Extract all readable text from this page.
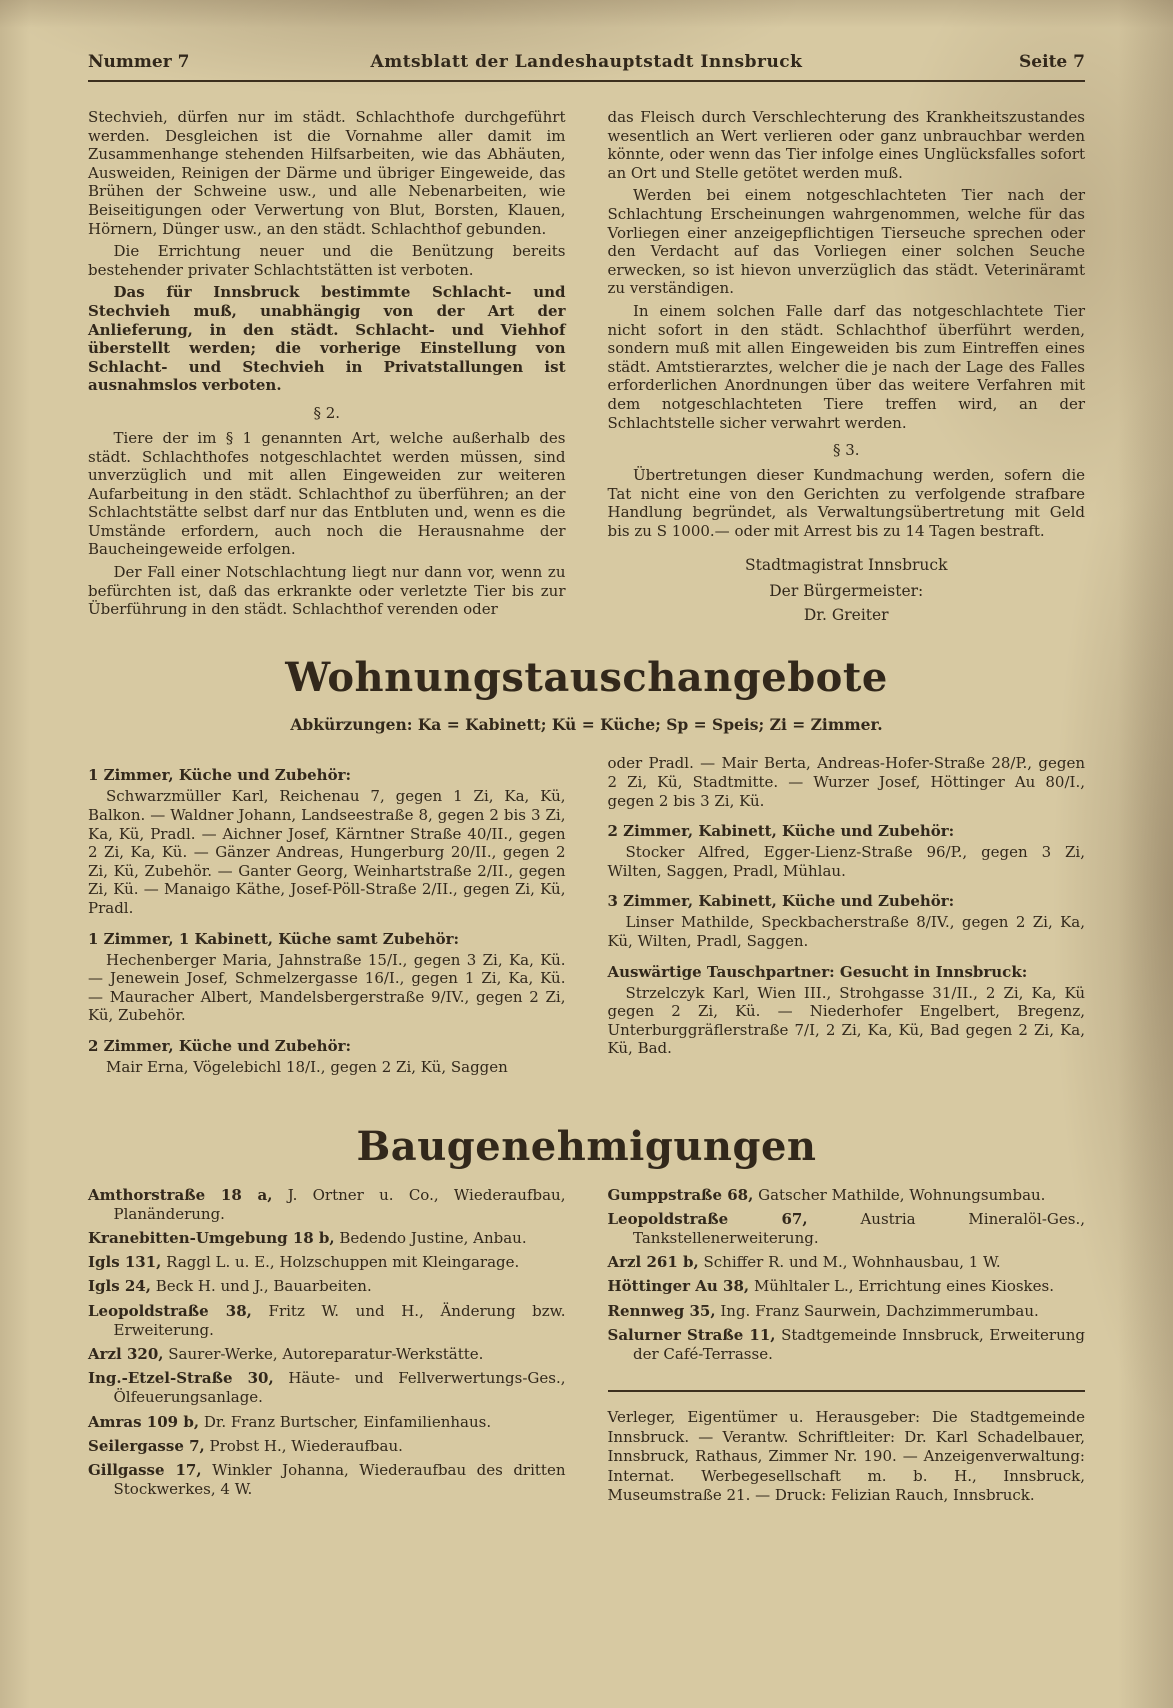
Nummer 7	Amtsblatt der Landeshauptstadt Innsbruck	Seite 7

Stechvieh, dürfen nur im städt. Schlachthofe durchgeführt werden. Desgleichen ist die Vornahme aller damit im Zusammenhange stehenden Hilfsarbeiten, wie das Abhäuten, Ausweiden, Reinigen der Därme und übriger Eingeweide, das Brühen der Schweine usw., und alle Nebenarbeiten, wie Beiseitigungen oder Verwertung von Blut, Borsten, Klauen, Hörnern, Dünger usw., an den städt. Schlachthof gebunden.

Die Errichtung neuer und die Benützung bereits bestehender privater Schlachtstätten ist verboten.

Das für Innsbruck bestimmte Schlacht- und Stechvieh muß, unabhängig von der Art der Anlieferung, in den städt. Schlacht- und Viehhof überstellt werden; die vorherige Einstellung von Schlacht- und Stechvieh in Privatstallungen ist ausnahmslos verboten.

§ 2.

Tiere der im § 1 genannten Art, welche außerhalb des städt. Schlachthofes notgeschlachtet werden müssen, sind unverzüglich und mit allen Eingeweiden zur weiteren Aufarbeitung in den städt. Schlachthof zu überführen; an der Schlachtstätte selbst darf nur das Entbluten und, wenn es die Umstände erfordern, auch noch die Herausnahme der Baucheingeweide erfolgen.

Der Fall einer Notschlachtung liegt nur dann vor, wenn zu befürchten ist, daß das erkrankte oder verletzte Tier bis zur Überführung in den städt. Schlachthof verenden oder

das Fleisch durch Verschlechterung des Krankheitszustandes wesentlich an Wert verlieren oder ganz unbrauchbar werden könnte, oder wenn das Tier infolge eines Unglücksfalles sofort an Ort und Stelle getötet werden muß.

Werden bei einem notgeschlachteten Tier nach der Schlachtung Erscheinungen wahrgenommen, welche für das Vorliegen einer anzeigepflichtigen Tierseuche sprechen oder den Verdacht auf das Vorliegen einer solchen Seuche erwecken, so ist hievon unverzüglich das städt. Veterinäramt zu verständigen.

In einem solchen Falle darf das notgeschlachtete Tier nicht sofort in den städt. Schlachthof überführt werden, sondern muß mit allen Eingeweiden bis zum Eintreffen eines städt. Amtstierarztes, welcher die je nach der Lage des Falles erforderlichen Anordnungen über das weitere Verfahren mit dem notgeschlachteten Tiere treffen wird, an der Schlachtstelle sicher verwahrt werden.

§ 3.

Übertretungen dieser Kundmachung werden, sofern die Tat nicht eine von den Gerichten zu verfolgende strafbare Handlung begründet, als Verwaltungsübertretung mit Geld bis zu S 1000.— oder mit Arrest bis zu 14 Tagen bestraft.

Stadtmagistrat Innsbruck
Der Bürgermeister:
Dr. Greiter
Wohnungstauschangebote
Abkürzungen: Ka = Kabinett; Kü = Küche; Sp = Speis; Zi = Zimmer.
1 Zimmer, Küche und Zubehör:

Schwarzmüller Karl, Reichenau 7, gegen 1 Zi, Ka, Kü, Balkon. — Waldner Johann, Landseestraße 8, gegen 2 bis 3 Zi, Ka, Kü, Pradl. — Aichner Josef, Kärntner Straße 40/II., gegen 2 Zi, Ka, Kü. — Gänzer Andreas, Hungerburg 20/II., gegen 2 Zi, Kü, Zubehör. — Ganter Georg, Weinhartstraße 2/II., gegen Zi, Kü. — Manaigo Käthe, Josef-Pöll-Straße 2/II., gegen Zi, Kü, Pradl.

1 Zimmer, 1 Kabinett, Küche samt Zubehör:

Hechenberger Maria, Jahnstraße 15/I., gegen 3 Zi, Ka, Kü. — Jenewein Josef, Schmelzergasse 16/I., gegen 1 Zi, Ka, Kü. — Mauracher Albert, Mandelsbergerstraße 9/IV., gegen 2 Zi, Kü, Zubehör.

2 Zimmer, Küche und Zubehör:

Mair Erna, Vögelebichl 18/I., gegen 2 Zi, Kü, Saggen

oder Pradl. — Mair Berta, Andreas-Hofer-Straße 28/P., gegen 2 Zi, Kü, Stadtmitte. — Wurzer Josef, Höttinger Au 80/I., gegen 2 bis 3 Zi, Kü.

2 Zimmer, Kabinett, Küche und Zubehör:

Stocker Alfred, Egger-Lienz-Straße 96/P., gegen 3 Zi, Wilten, Saggen, Pradl, Mühlau.

3 Zimmer, Kabinett, Küche und Zubehör:

Linser Mathilde, Speckbacherstraße 8/IV., gegen 2 Zi, Ka, Kü, Wilten, Pradl, Saggen.

Auswärtige Tauschpartner: Gesucht in Innsbruck:

Strzelczyk Karl, Wien III., Strohgasse 31/II., 2 Zi, Ka, Kü gegen 2 Zi, Kü. — Niederhofer Engelbert, Bregenz, Unterburggräflerstraße 7/I, 2 Zi, Ka, Kü, Bad gegen 2 Zi, Ka, Kü, Bad.

Baugenehmigungen

Amthorstraße 18 a, J. Ortner u. Co., Wiederaufbau, Planänderung.

Kranebitten-Umgebung 18 b, Bedendo Justine, Anbau.

Igls 131, Raggl L. u. E., Holzschuppen mit Kleingarage.

Igls 24, Beck H. und J., Bauarbeiten.

Leopoldstraße 38, Fritz W. und H., Änderung bzw. Erweiterung.

Arzl 320, Saurer-Werke, Autoreparatur-Werkstätte.

Ing.-Etzel-Straße 30, Häute- und Fellverwertungs-Ges., Ölfeuerungsanlage.

Amras 109 b, Dr. Franz Burtscher, Einfamilienhaus.

Seilergasse 7, Probst H., Wiederaufbau.

Gillgasse 17, Winkler Johanna, Wiederaufbau des dritten Stockwerkes, 4 W.

Gumppstraße 68, Gatscher Mathilde, Wohnungsumbau.

Leopoldstraße 67, Austria Mineralöl-Ges., Tankstellenerweiterung.

Arzl 261 b, Schiffer R. und M., Wohnhausbau, 1 W.

Höttinger Au 38, Mühltaler L., Errichtung eines Kioskes.

Rennweg 35, Ing. Franz Saurwein, Dachzimmerumbau.

Salurner Straße 11, Stadtgemeinde Innsbruck, Erweiterung der Café-Terrasse.

Verleger, Eigentümer u. Herausgeber: Die Stadtgemeinde Innsbruck. — Verantw. Schriftleiter: Dr. Karl Schadelbauer, Innsbruck, Rathaus, Zimmer Nr. 190. — Anzeigenverwaltung: Internat. Werbegesellschaft m. b. H., Innsbruck, Museumstraße 21. — Druck: Felizian Rauch, Innsbruck.
